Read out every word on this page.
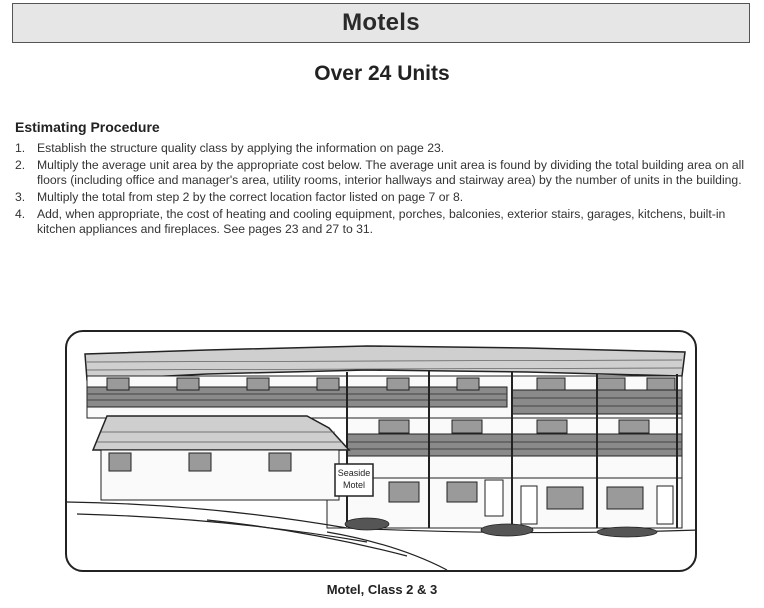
Motels
Over 24 Units
Estimating Procedure
1. Establish the structure quality class by applying the information on page 23.
2. Multiply the average unit area by the appropriate cost below. The average unit area is found by dividing the total building area on all floors (including office and manager's area, utility rooms, interior hallways and stairway area) by the number of units in the building.
3. Multiply the total from step 2 by the correct location factor listed on page 7 or 8.
4. Add, when appropriate, the cost of heating and cooling equipment, porches, balconies, exterior stairs, garages, kitchens, built-in kitchen appliances and fireplaces. See pages 23 and 27 to 31.
Seaside
Motel
Motel, Class 2 & 3
